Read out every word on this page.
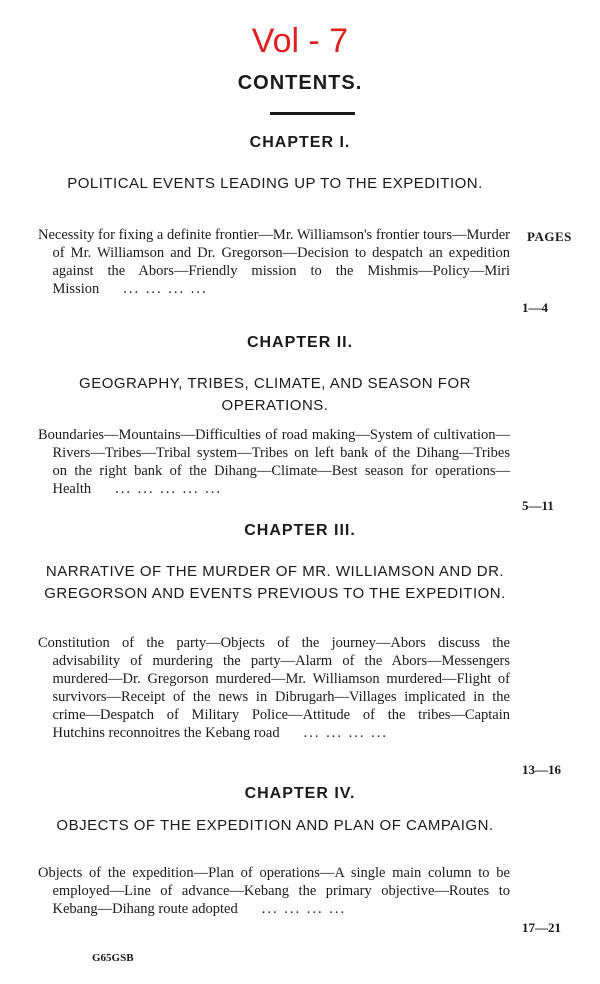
Vol - 7
CONTENTS.
PAGES
CHAPTER I.
POLITICAL EVENTS LEADING UP TO THE EXPEDITION.
Necessity for fixing a definite frontier—Mr. Williamson's frontier tours—Murder of Mr. Williamson and Dr. Gregorson—Decision to despatch an expedition against the Abors—Friendly mission to the Mishmis—Policy—Miri Mission ... ... ... ...
1—4
CHAPTER II.
GEOGRAPHY, TRIBES, CLIMATE, AND SEASON FOR OPERATIONS.
Boundaries—Mountains—Difficulties of road making—System of cultivation—Rivers—Tribes—Tribal system—Tribes on left bank of the Dihang—Tribes on the right bank of the Dihang—Climate—Best season for operations—Health ... ... ... ... ...
5—11
CHAPTER III.
NARRATIVE OF THE MURDER OF MR. WILLIAMSON AND DR. GREGORSON AND EVENTS PREVIOUS TO THE EXPEDITION.
Constitution of the party—Objects of the journey—Abors discuss the advisability of murdering the party—Alarm of the Abors—Messengers murdered—Dr. Gregorson murdered—Mr. Williamson murdered—Flight of survivors—Receipt of the news in Dibrugarh—Villages implicated in the crime—Despatch of Military Police—Attitude of the tribes—Captain Hutchins reconnoitres the Kebang road ... ... ... ...
13—16
CHAPTER IV.
OBJECTS OF THE EXPEDITION AND PLAN OF CAMPAIGN.
Objects of the expedition—Plan of operations—A single main column to be employed—Line of advance—Kebang the primary objective—Routes to Kebang—Dihang route adopted ... ... ... ...
17—21
G65GSB
